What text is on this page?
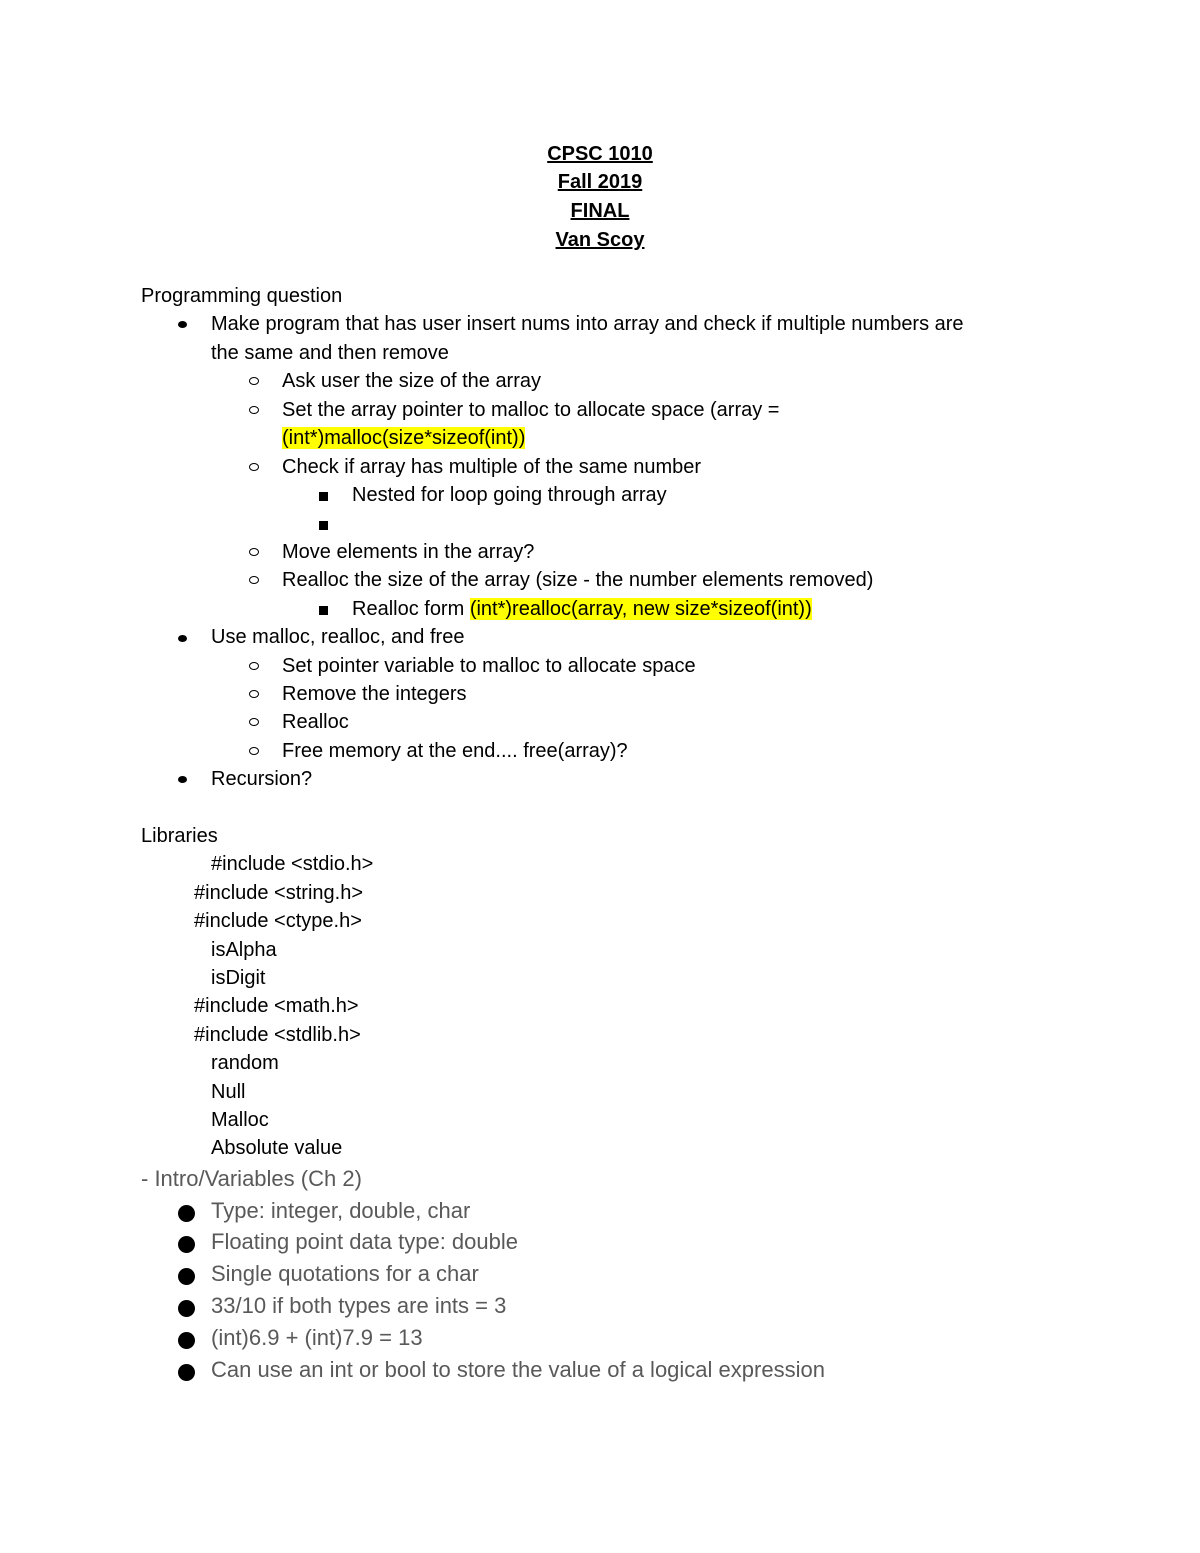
CPSC 1010
Fall 2019
FINAL
Van Scoy
Programming question
Make program that has user insert nums into array and check if multiple numbers are
the same and then remove
Ask user the size of the array
Set the array pointer to malloc to allocate space (array =
(int*)malloc(size*sizeof(int))
Check if array has multiple of the same number
Nested for loop going through array
Move elements in the array?
Realloc the size of the array (size - the number elements removed)
Realloc form (int*)realloc(array, new size*sizeof(int))
Use malloc, realloc, and free
Set pointer variable to malloc to allocate space
Remove the integers
Realloc
Free memory at the end.... free(array)?
Recursion?
Libraries
#include <stdio.h>
#include <string.h>
#include <ctype.h>
isAlpha
isDigit
#include <math.h>
#include <stdlib.h>
random
Null
Malloc
Absolute value
- Intro/Variables (Ch 2)
Type: integer, double, char
Floating point data type: double
Single quotations for a char
33/10 if both types are ints = 3
(int)6.9 + (int)7.9 = 13
Can use an int or bool to store the value of a logical expression
